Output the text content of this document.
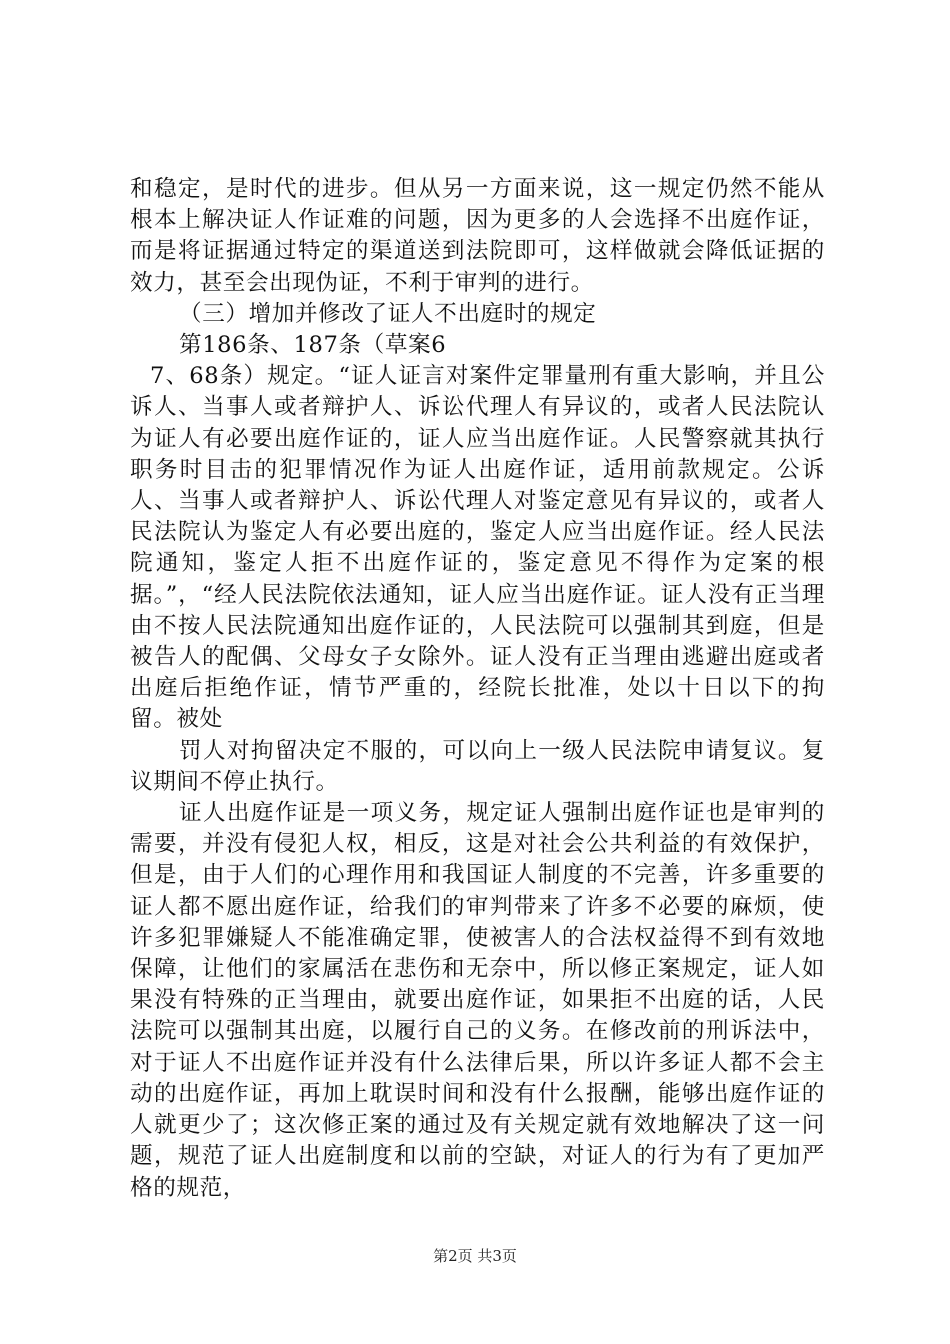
和稳定，是时代的进步。但从另一方面来说，这一规定仍然不能从根本上解决证人作证难的问题，因为更多的人会选择不出庭作证，而是将证据通过特定的渠道送到法院即可，这样做就会降低证据的效力，甚至会出现伪证，不利于审判的进行。

（三）增加并修改了证人不出庭时的规定

第186条、187条（草案6

7、68条）规定。“证人证言对案件定罪量刑有重大影响，并且公诉人、当事人或者辩护人、诉讼代理人有异议的，或者人民法院认为证人有必要出庭作证的，证人应当出庭作证。人民警察就其执行职务时目击的犯罪情况作为证人出庭作证，适用前款规定。公诉人、当事人或者辩护人、诉讼代理人对鉴定意见有异议的，或者人民法院认为鉴定人有必要出庭的，鉴定人应当出庭作证。经人民法院通知，鉴定人拒不出庭作证的，鉴定意见不得作为定案的根据。”，“经人民法院依法通知，证人应当出庭作证。证人没有正当理由不按人民法院通知出庭作证的，人民法院可以强制其到庭，但是被告人的配偶、父母女子女除外。证人没有正当理由逃避出庭或者出庭后拒绝作证，情节严重的，经院长批准，处以十日以下的拘留。被处

罚人对拘留决定不服的，可以向上一级人民法院申请复议。复议期间不停止执行。

证人出庭作证是一项义务，规定证人强制出庭作证也是审判的需要，并没有侵犯人权，相反，这是对社会公共利益的有效保护，但是，由于人们的心理作用和我国证人制度的不完善，许多重要的证人都不愿出庭作证，给我们的审判带来了许多不必要的麻烦，使许多犯罪嫌疑人不能准确定罪，使被害人的合法权益得不到有效地保障，让他们的家属活在悲伤和无奈中，所以修正案规定，证人如果没有特殊的正当理由，就要出庭作证，如果拒不出庭的话，人民法院可以强制其出庭，以履行自己的义务。在修改前的刑诉法中，对于证人不出庭作证并没有什么法律后果，所以许多证人都不会主动的出庭作证，再加上耽误时间和没有什么报酬，能够出庭作证的人就更少了；这次修正案的通过及有关规定就有效地解决了这一问题，规范了证人出庭制度和以前的空缺，对证人的行为有了更加严格的规范，

第2页 共3页
